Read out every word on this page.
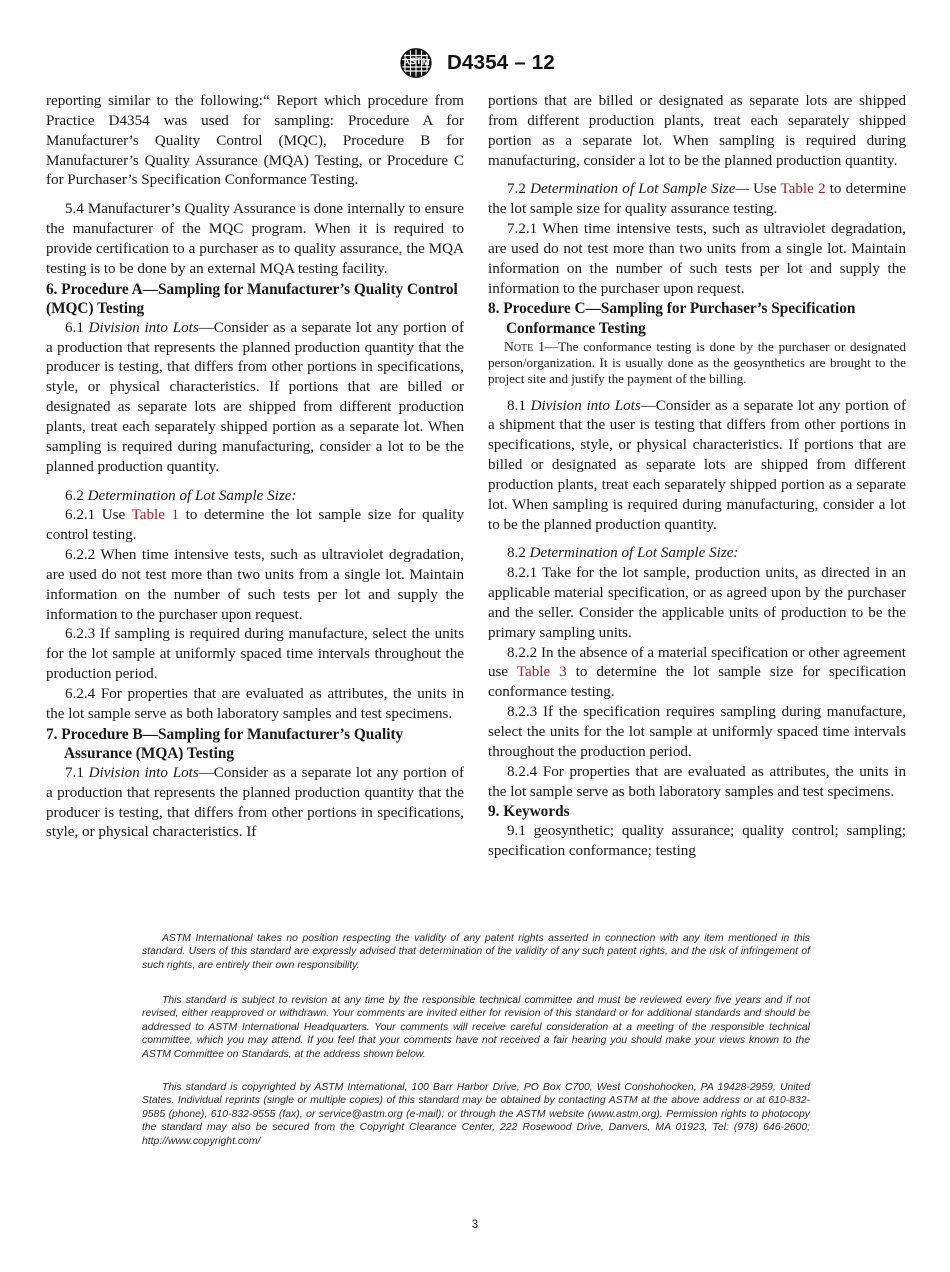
A
S T M D4354 – 12

reporting similar to the following:“ Report which procedure from Practice D4354 was used for sampling: Procedure A for Manufacturer’s Quality Control (MQC), Procedure B for Manufacturer’s Quality Assurance (MQA) Testing, or Procedure C for Purchaser’s Specification Conformance Testing.

5.4 Manufacturer’s Quality Assurance is done internally to ensure the manufacturer of the MQC program. When it is required to provide certification to a purchaser as to quality assurance, the MQA testing is to be done by an external MQA testing facility.

6. Procedure A—Sampling for Manufacturer’s Quality Control (MQC) Testing

6.1 Division into Lots—Consider as a separate lot any portion of a production that represents the planned production quantity that the producer is testing, that differs from other portions in specifications, style, or physical characteristics. If portions that are billed or designated as separate lots are shipped from different production plants, treat each separately shipped portion as a separate lot. When sampling is required during manufacturing, consider a lot to be the planned production quantity.

6.2 Determination of Lot Sample Size:

6.2.1 Use Table 1 to determine the lot sample size for quality control testing.

6.2.2 When time intensive tests, such as ultraviolet degradation, are used do not test more than two units from a single lot. Maintain information on the number of such tests per lot and supply the information to the purchaser upon request.

6.2.3 If sampling is required during manufacture, select the units for the lot sample at uniformly spaced time intervals throughout the production period.

6.2.4 For properties that are evaluated as attributes, the units in the lot sample serve as both laboratory samples and test specimens.

7. Procedure B—Sampling for Manufacturer’s Quality Assurance (MQA) Testing

7.1 Division into Lots—Consider as a separate lot any portion of a production that represents the planned production quantity that the producer is testing, that differs from other portions in specifications, style, or physical characteristics. If

portions that are billed or designated as separate lots are shipped from different production plants, treat each separately shipped portion as a separate lot. When sampling is required during manufacturing, consider a lot to be the planned production quantity.

7.2 Determination of Lot Sample Size— Use Table 2 to determine the lot sample size for quality assurance testing.

7.2.1 When time intensive tests, such as ultraviolet degradation, are used do not test more than two units from a single lot. Maintain information on the number of such tests per lot and supply the information to the purchaser upon request.

8. Procedure C—Sampling for Purchaser’s Specification Conformance Testing

Note 1—The conformance testing is done by the purchaser or designated person/organization. It is usually done as the geosynthetics are brought to the project site and justify the payment of the billing.

8.1 Division into Lots—Consider as a separate lot any portion of a shipment that the user is testing that differs from other portions in specifications, style, or physical characteristics. If portions that are billed or designated as separate lots are shipped from different production plants, treat each separately shipped portion as a separate lot. When sampling is required during manufacturing, consider a lot to be the planned production quantity.

8.2 Determination of Lot Sample Size:

8.2.1 Take for the lot sample, production units, as directed in an applicable material specification, or as agreed upon by the purchaser and the seller. Consider the applicable units of production to be the primary sampling units.

8.2.2 In the absence of a material specification or other agreement use Table 3 to determine the lot sample size for specification conformance testing.

8.2.3 If the specification requires sampling during manufacture, select the units for the lot sample at uniformly spaced time intervals throughout the production period.

8.2.4 For properties that are evaluated as attributes, the units in the lot sample serve as both laboratory samples and test specimens.

9. Keywords

9.1 geosynthetic; quality assurance; quality control; sampling; specification conformance; testing

ASTM International takes no position respecting the validity of any patent rights asserted in connection with any item mentioned in this standard. Users of this standard are expressly advised that determination of the validity of any such patent rights, and the risk of infringement of such rights, are entirely their own responsibility.

This standard is subject to revision at any time by the responsible technical committee and must be reviewed every five years and if not revised, either reapproved or withdrawn. Your comments are invited either for revision of this standard or for additional standards and should be addressed to ASTM International Headquarters. Your comments will receive careful consideration at a meeting of the responsible technical committee, which you may attend. If you feel that your comments have not received a fair hearing you should make your views known to the ASTM Committee on Standards, at the address shown below.

This standard is copyrighted by ASTM International, 100 Barr Harbor Drive, PO Box C700, West Conshohocken, PA 19428-2959, United States. Individual reprints (single or multiple copies) of this standard may be obtained by contacting ASTM at the above address or at 610-832-9585 (phone), 610-832-9555 (fax), or service@astm.org (e-mail); or through the ASTM website (www.astm.org). Permission rights to photocopy the standard may also be secured from the Copyright Clearance Center, 222 Rosewood Drive, Danvers, MA 01923, Tel: (978) 646-2600; http://www.copyright.com/

3
